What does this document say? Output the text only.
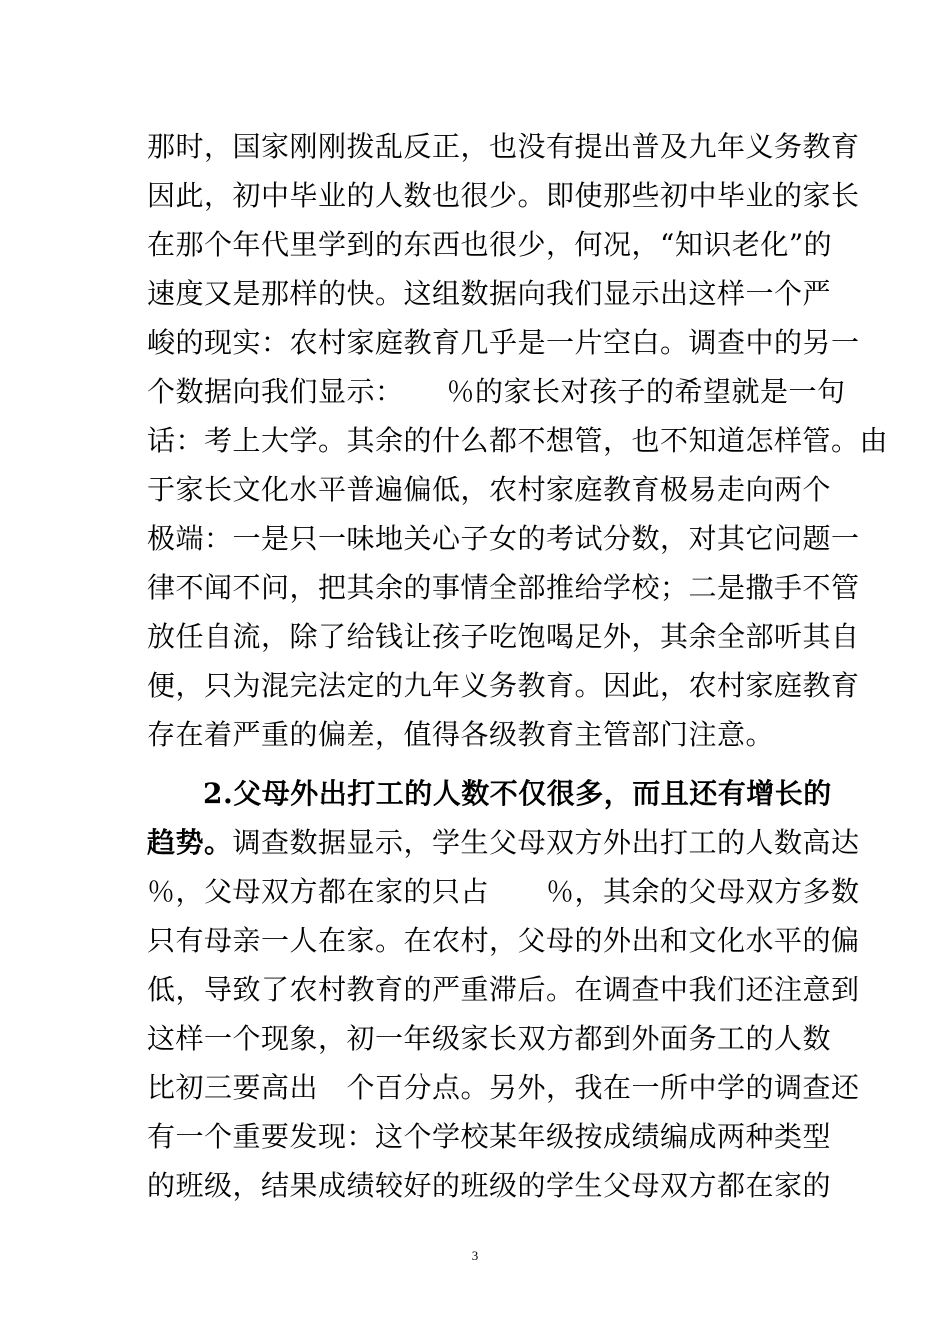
那时，国家刚刚拨乱反正，也没有提出普及九年义务教育
因此，初中毕业的人数也很少。即使那些初中毕业的家长
在那个年代里学到的东西也很少，何况，“知识老化”的
速度又是那样的快。这组数据向我们显示出这样一个严
峻的现实：农村家庭教育几乎是一片空白。调查中的另一
个数据向我们显示：　　％的家长对孩子的希望就是一句
话：考上大学。其余的什么都不想管，也不知道怎样管。由
于家长文化水平普遍偏低，农村家庭教育极易走向两个
极端：一是只一味地关心子女的考试分数，对其它问题一
律不闻不问，把其余的事情全部推给学校；二是撒手不管
放任自流，除了给钱让孩子吃饱喝足外，其余全部听其自
便，只为混完法定的九年义务教育。因此，农村家庭教育
存在着严重的偏差，值得各级教育主管部门注意。
2.父母外出打工的人数不仅很多，而且还有增长的
趋势。调查数据显示，学生父母双方外出打工的人数高达
％，父母双方都在家的只占　　％，其余的父母双方多数
只有母亲一人在家。在农村，父母的外出和文化水平的偏
低，导致了农村教育的严重滞后。在调查中我们还注意到
这样一个现象，初一年级家长双方都到外面务工的人数
比初三要高出　个百分点。另外，我在一所中学的调查还
有一个重要发现：这个学校某年级按成绩编成两种类型
的班级，结果成绩较好的班级的学生父母双方都在家的
3
